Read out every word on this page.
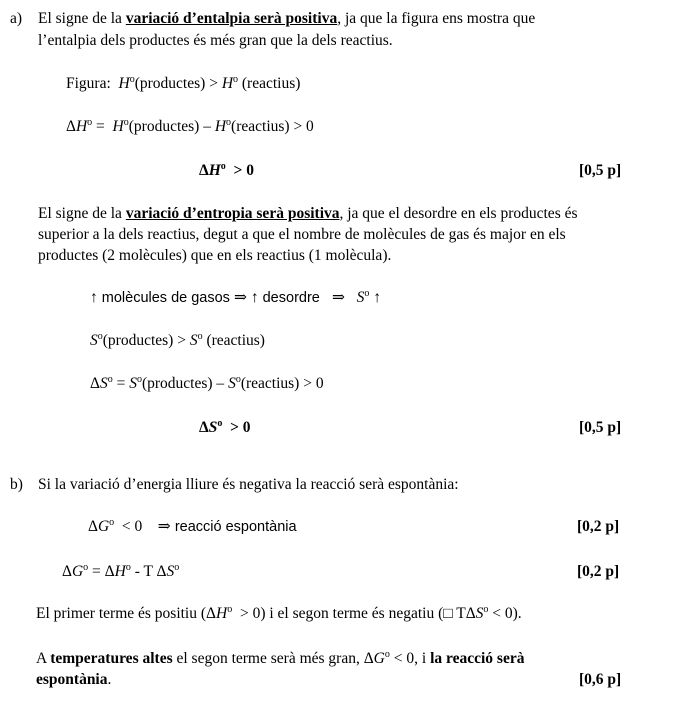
a) El signe de la variació d’entalpia serà positiva, ja que la figura ens mostra que
l’entalpia dels productes és més gran que la dels reactius.
Figura: $H^o(productes) > H^o$ (reactius)
$\Delta H^o$ =  $H^o(productes)$ – $H^o(reactius) > 0$
$\Delta H^o > 0$	[0,5 p]
El signe de la variació d’entropia serà positiva, ja que el desordre en els productes és
superior a la dels reactius, degut a que el nombre de molècules de gas és major en els
productes (2 molècules) que en els reactius (1 molècula).
↑ molècules de gasos ⇒ ↑ desordre   ⇒ $S^o$ ↑
$S^o(productes) > S^o$ (reactius)
$\Delta S^o$ = $S^o(productes)$ – $S^o(reactius) > 0$
$\Delta S^o > 0$	[0,5 p]
b) Si la variació d’energia lliure és negativa la reacció serà espontània:
$\Delta G^o < 0$    ⇒ reacció espontània	[0,2 p]
$\Delta G^o = \Delta H^o - T$ $\Delta S^o$	[0,2 p]
El primer terme és positiu $(\Delta H^o > 0)$ i el segon terme és negatiu (□ $T\Delta S^o < 0$).
A temperatures altes el segon terme serà més gran, $\Delta G^o < 0$, i la reacció serà
espontània.	[0,6 p]
